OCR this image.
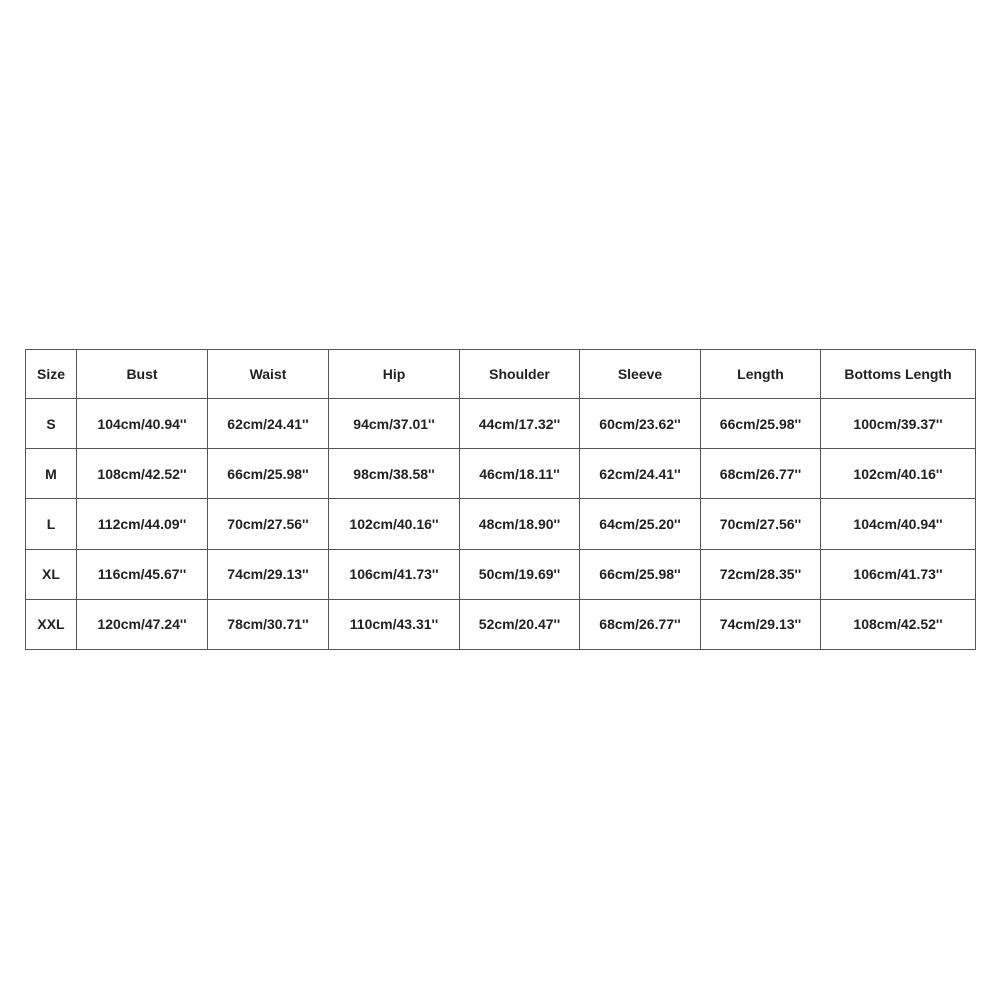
Size	Bust	Waist	Hip	Shoulder	Sleeve	Length	Bottoms Length
S	104cm/40.94''	62cm/24.41''	94cm/37.01''	44cm/17.32''	60cm/23.62''	66cm/25.98''	100cm/39.37''
M	108cm/42.52''	66cm/25.98''	98cm/38.58''	46cm/18.11''	62cm/24.41''	68cm/26.77''	102cm/40.16''
L	112cm/44.09''	70cm/27.56''	102cm/40.16''	48cm/18.90''	64cm/25.20''	70cm/27.56''	104cm/40.94''
XL	116cm/45.67''	74cm/29.13''	106cm/41.73''	50cm/19.69''	66cm/25.98''	72cm/28.35''	106cm/41.73''
XXL	120cm/47.24''	78cm/30.71''	110cm/43.31''	52cm/20.47''	68cm/26.77''	74cm/29.13''	108cm/42.52''
